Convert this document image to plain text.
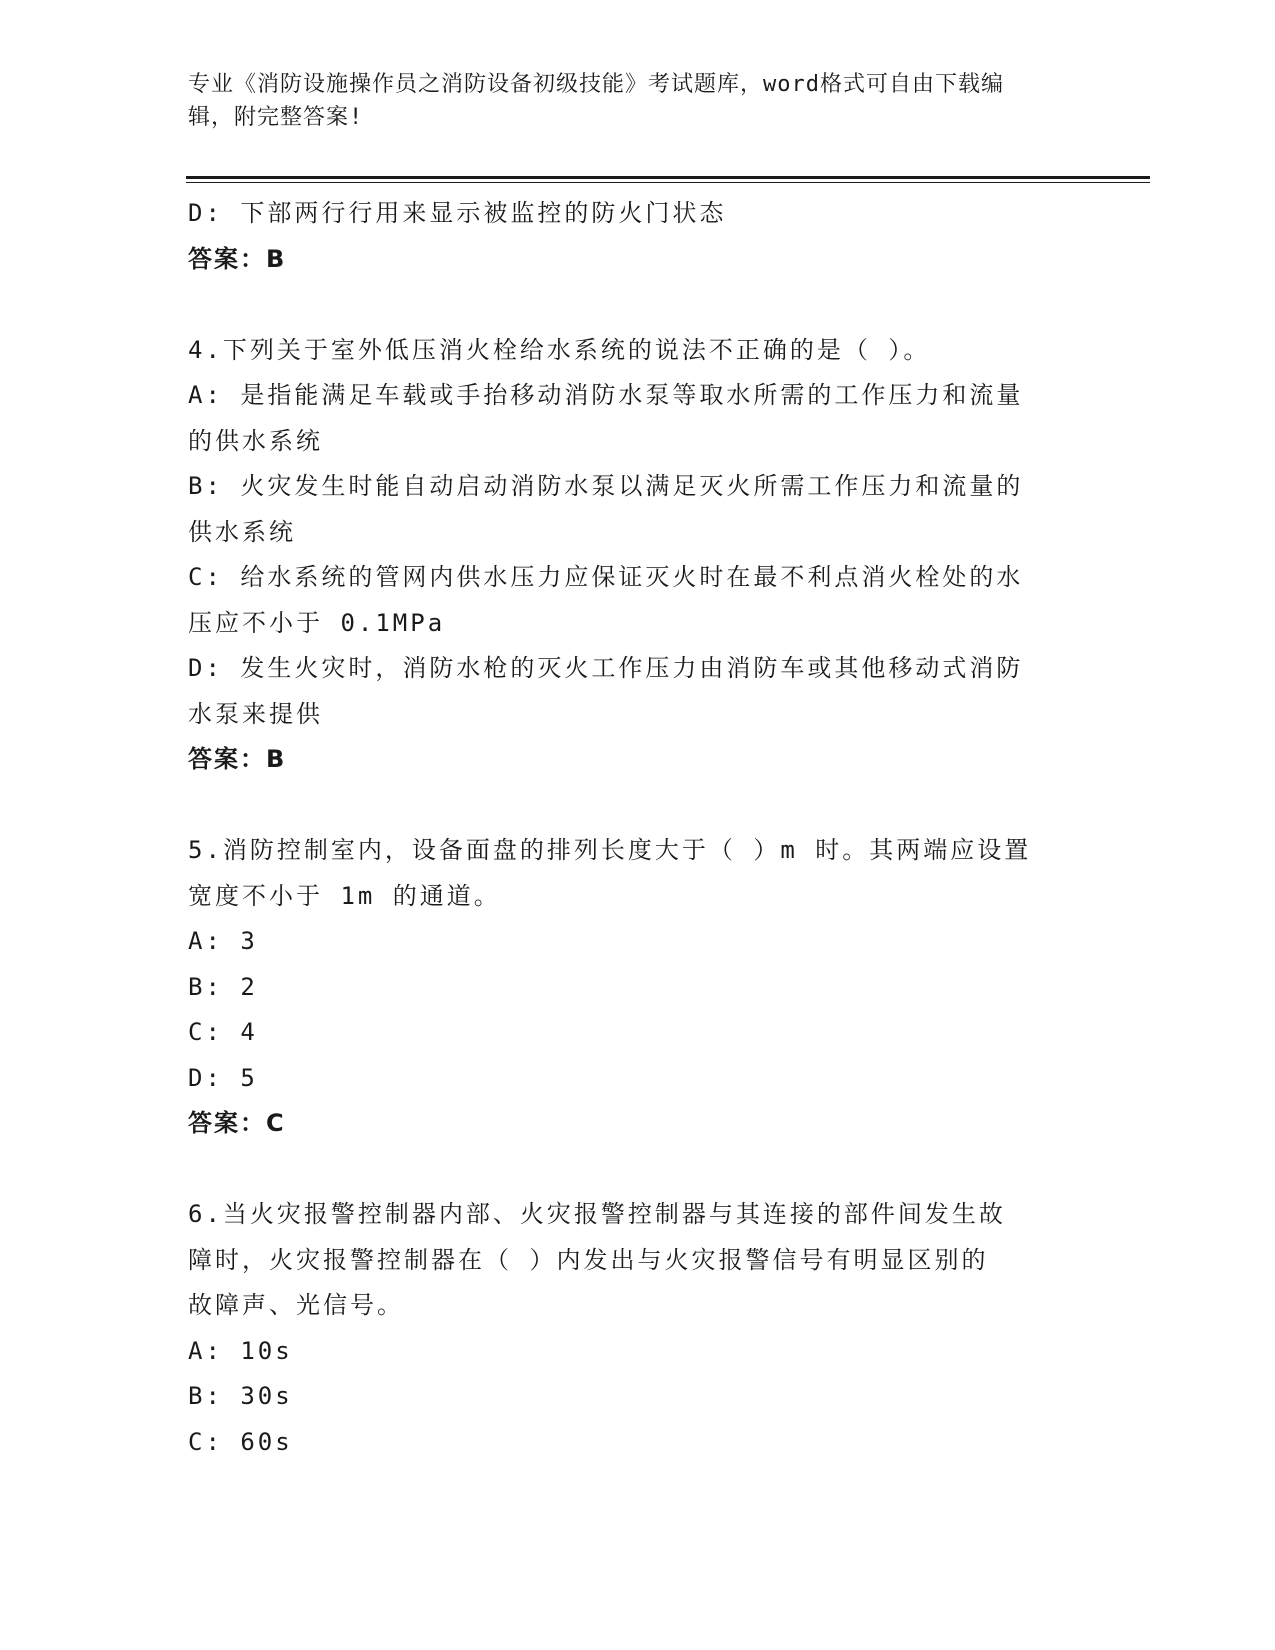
专业《消防设施操作员之消防设备初级技能》考试题库，word格式可自由下载编
辑，附完整答案!
D: 下部两行行用来显示被监控的防火门状态
答案：B
4.下列关于室外低压消火栓给水系统的说法不正确的是（ ）。
A: 是指能满足车载或手抬移动消防水泵等取水所需的工作压力和流量
的供水系统
B: 火灾发生时能自动启动消防水泵以满足灭火所需工作压力和流量的
供水系统
C: 给水系统的管网内供水压力应保证灭火时在最不利点消火栓处的水
压应不小于 0.1MPa
D: 发生火灾时，消防水枪的灭火工作压力由消防车或其他移动式消防
水泵来提供
答案：B
5.消防控制室内，设备面盘的排列长度大于（ ）m 时。其两端应设置
宽度不小于 1m 的通道。
A: 3
B: 2
C: 4
D: 5
答案：C
6.当火灾报警控制器内部、火灾报警控制器与其连接的部件间发生故
障时，火灾报警控制器在（ ）内发出与火灾报警信号有明显区别的
故障声、光信号。
A: 10s
B: 30s
C: 60s
